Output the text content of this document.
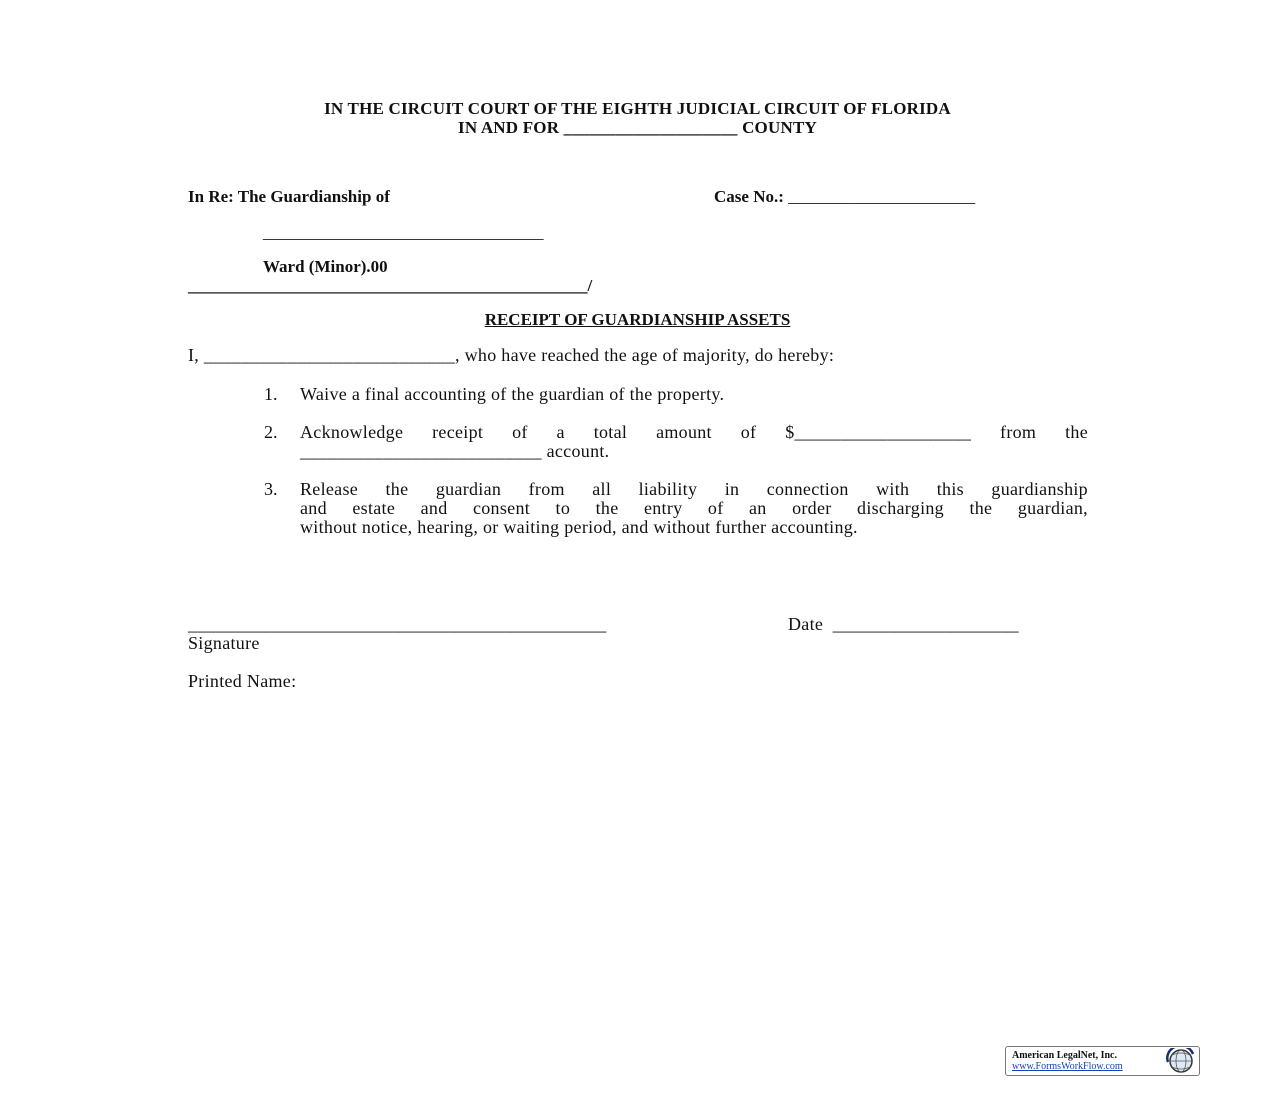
IN THE CIRCUIT COURT OF THE EIGHTH JUDICIAL CIRCUIT OF FLORIDA
IN AND FOR ____________________ COUNTY
In Re: The Guardianship of	Case No.: ______________________
_________________________________
Ward (Minor).00
_______________________________________________/
RECEIPT OF GUARDIANSHIP ASSETS
I, ___________________________, who have reached the age of majority, do hereby:
1. Waive a final accounting of the guardian of the property.
2. Acknowledge receipt of a total amount of $___________________ from the
__________________________ account.
3. Release the guardian from all liability in connection with this guardianship
and estate and consent to the entry of an order discharging the guardian,
without notice, hearing, or waiting period, and without further accounting.
_____________________________________________	Date ____________________
Signature
Printed Name:
American LegalNet, Inc.
www.FormsWorkFlow.com
